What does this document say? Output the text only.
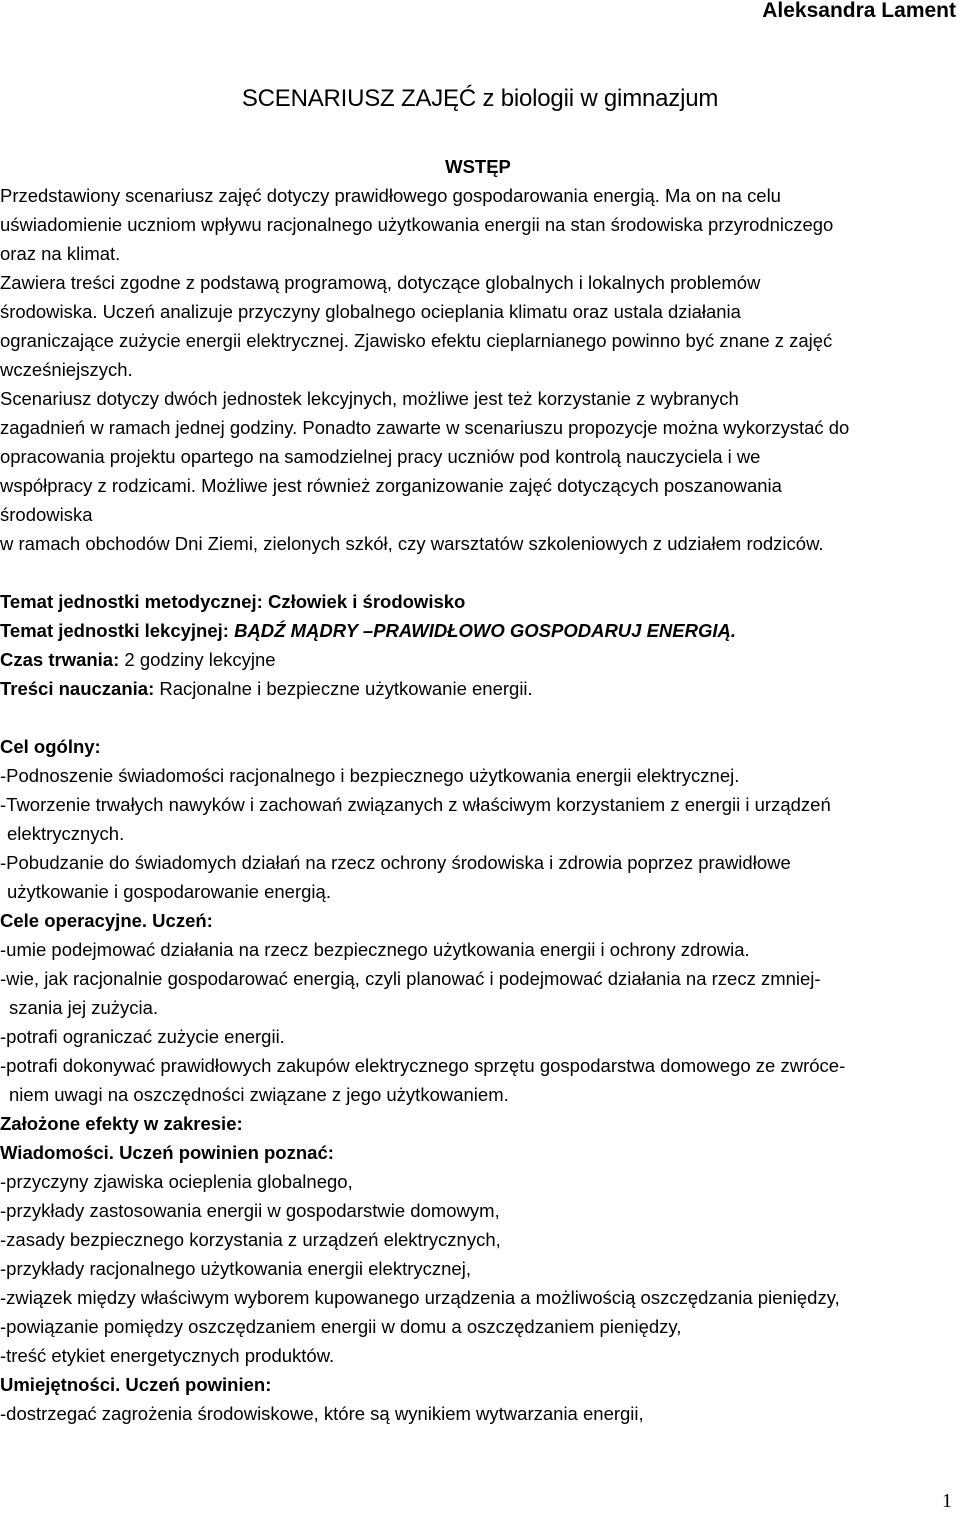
Aleksandra Lament
SCENARIUSZ ZAJĘĆ z biologii w gimnazjum

WSTĘP

Przedstawiony scenariusz zajęć dotyczy prawidłowego gospodarowania energią. Ma on na celu

uświadomienie uczniom wpływu racjonalnego użytkowania energii na stan środowiska przyrodniczego

oraz na klimat.

Zawiera treści zgodne z podstawą programową, dotyczące globalnych i lokalnych problemów

środowiska. Uczeń analizuje przyczyny globalnego ocieplania klimatu oraz ustala działania

ograniczające zużycie energii elektrycznej. Zjawisko efektu cieplarnianego powinno być znane z zajęć

wcześniejszych.

Scenariusz dotyczy dwóch jednostek lekcyjnych, możliwe jest też korzystanie z wybranych

zagadnień w ramach jednej godziny. Ponadto zawarte w scenariuszu propozycje można wykorzystać do

opracowania projektu opartego na samodzielnej pracy uczniów pod kontrolą nauczyciela i we

współpracy z rodzicami. Możliwe jest również zorganizowanie zajęć dotyczących poszanowania

środowiska

w ramach obchodów Dni Ziemi, zielonych szkół, czy warsztatów szkoleniowych z udziałem rodziców.

Temat jednostki metodycznej: Człowiek i środowisko

Temat jednostki lekcyjnej: BĄDŹ MĄDRY –PRAWIDŁOWO GOSPODARUJ ENERGIĄ.

Czas trwania: 2 godziny lekcyjne

Treści nauczania: Racjonalne i bezpieczne użytkowanie energii.

Cel ogólny:

-Podnoszenie świadomości racjonalnego i bezpiecznego użytkowania energii elektrycznej.

-Tworzenie trwałych nawyków i zachowań związanych z właściwym korzystaniem z energii i urządzeń

elektrycznych.

-Pobudzanie do świadomych działań na rzecz ochrony środowiska i zdrowia poprzez prawidłowe

użytkowanie i gospodarowanie energią.

Cele operacyjne. Uczeń:

-umie podejmować działania na rzecz bezpiecznego użytkowania energii i ochrony zdrowia.

-wie, jak racjonalnie gospodarować energią, czyli planować i podejmować działania na rzecz zmniej-

szania jej zużycia.

-potrafi ograniczać zużycie energii.

-potrafi dokonywać prawidłowych zakupów elektrycznego sprzętu gospodarstwa domowego ze zwróce-

niem uwagi na oszczędności związane z jego użytkowaniem.

Założone efekty w zakresie:

Wiadomości. Uczeń powinien poznać:

-przyczyny zjawiska ocieplenia globalnego,

-przykłady zastosowania energii w gospodarstwie domowym,

-zasady bezpiecznego korzystania z urządzeń elektrycznych,

-przykłady racjonalnego użytkowania energii elektrycznej,

-związek między właściwym wyborem kupowanego urządzenia a możliwością oszczędzania pieniędzy,

-powiązanie pomiędzy oszczędzaniem energii w domu a oszczędzaniem pieniędzy,

-treść etykiet energetycznych produktów.

Umiejętności. Uczeń powinien:

-dostrzegać zagrożenia środowiskowe, które są wynikiem wytwarzania energii,

1
